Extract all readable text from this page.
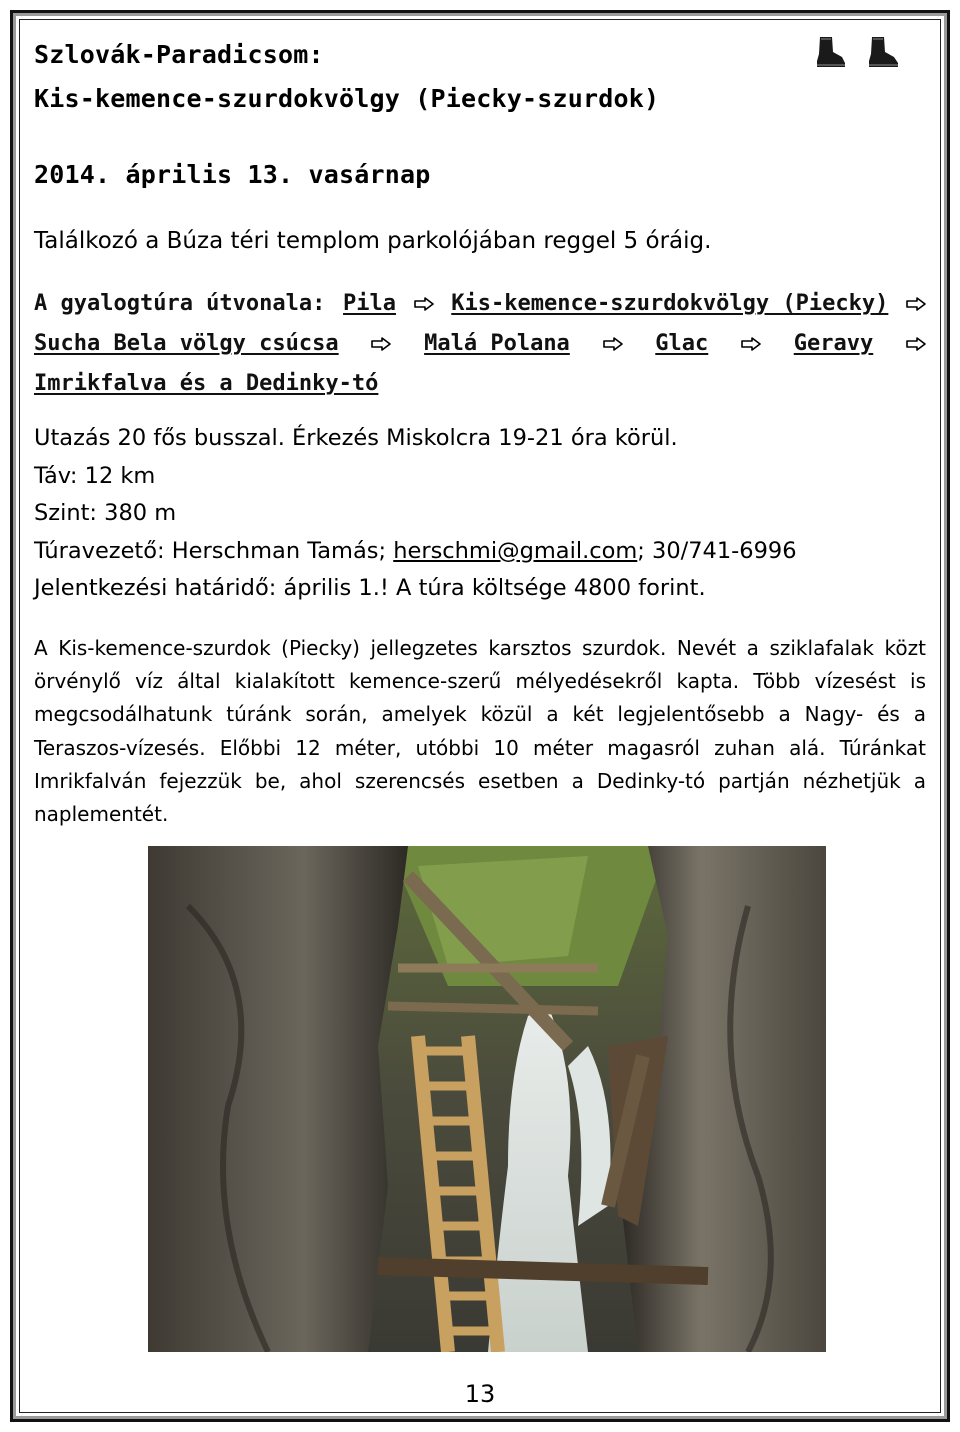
Szlovák-Paradicsom:
Kis-kemence-szurdokvölgy (Piecky-szurdok)
2014. április 13. vasárnap
Találkozó a Búza téri templom parkolójában reggel 5 óráig.
A gyalogtúra útvonala: Pila	Kis-kemence-szurdokvölgy (Piecky)
Sucha Bela völgy csúcsa	Malá Polana	Glac	Geravy
Imrikfalva és a Dedinky-tó
Utazás 20 fős busszal. Érkezés Miskolcra 19-21 óra körül.
Táv: 12 km
Szint: 380 m
Túravezető: Herschman Tamás; herschmi@gmail.com; 30/741-6996
Jelentkezési határidő: április 1.! A túra költsége 4800 forint.
A Kis-kemence-szurdok (Piecky) jellegzetes karsztos szurdok. Nevét a sziklafalak közt örvénylő víz által kialakított kemence-szerű mélyedésekről kapta. Több vízesést is megcsodálhatunk túránk során, amelyek közül a két legjelentősebb a Nagy- és a Teraszos-vízesés. Előbbi 12 méter, utóbbi 10 méter magasról zuhan alá. Túránkat Imrikfalván fejezzük be, ahol szerencsés esetben a Dedinky-tó partján nézhetjük a naplementét.
13
